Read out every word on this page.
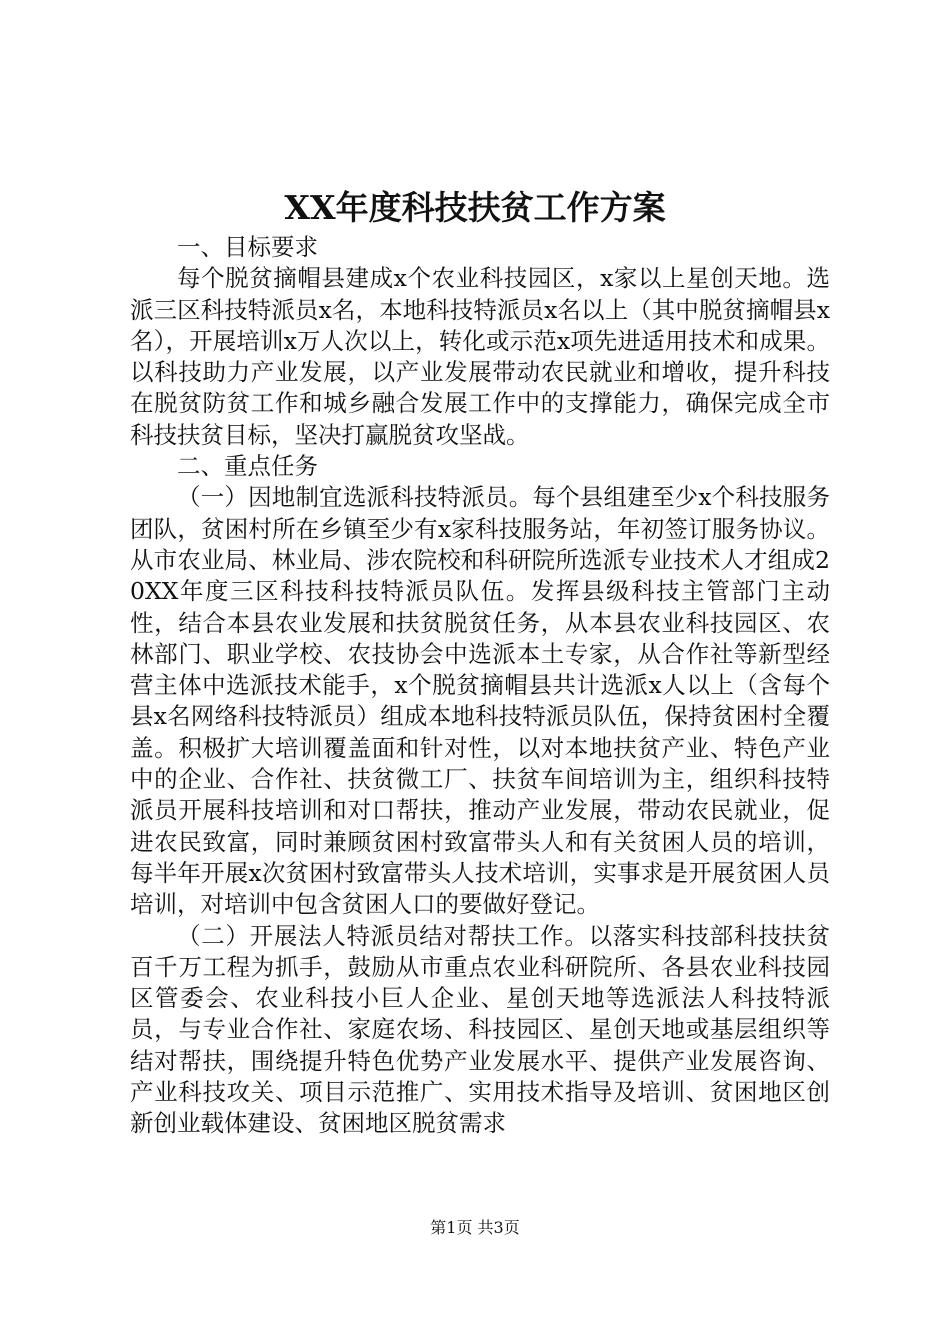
XX年度科技扶贫工作方案

一、目标要求

每个脱贫摘帽县建成x个农业科技园区，x家以上星创天地。选派三区科技特派员x名，本地科技特派员x名以上（其中脱贫摘帽县x名），开展培训x万人次以上，转化或示范x项先进适用技术和成果。以科技助力产业发展，以产业发展带动农民就业和增收，提升科技在脱贫防贫工作和城乡融合发展工作中的支撑能力，确保完成全市科技扶贫目标，坚决打赢脱贫攻坚战。

二、重点任务

（一）因地制宜选派科技特派员。每个县组建至少x个科技服务团队，贫困村所在乡镇至少有x家科技服务站，年初签订服务协议。从市农业局、林业局、涉农院校和科研院所选派专业技术人才组成20XX年度三区科技科技特派员队伍。发挥县级科技主管部门主动性，结合本县农业发展和扶贫脱贫任务，从本县农业科技园区、农林部门、职业学校、农技协会中选派本土专家，从合作社等新型经营主体中选派技术能手，x个脱贫摘帽县共计选派x人以上（含每个县x名网络科技特派员）组成本地科技特派员队伍，保持贫困村全覆盖。积极扩大培训覆盖面和针对性，以对本地扶贫产业、特色产业中的企业、合作社、扶贫微工厂、扶贫车间培训为主，组织科技特派员开展科技培训和对口帮扶，推动产业发展，带动农民就业，促进农民致富，同时兼顾贫困村致富带头人和有关贫困人员的培训，每半年开展x次贫困村致富带头人技术培训，实事求是开展贫困人员培训，对培训中包含贫困人口的要做好登记。

（二）开展法人特派员结对帮扶工作。以落实科技部科技扶贫百千万工程为抓手，鼓励从市重点农业科研院所、各县农业科技园区管委会、农业科技小巨人企业、星创天地等选派法人科技特派员，与专业合作社、家庭农场、科技园区、星创天地或基层组织等结对帮扶，围绕提升特色优势产业发展水平、提供产业发展咨询、产业科技攻关、项目示范推广、实用技术指导及培训、贫困地区创新创业载体建设、贫困地区脱贫需求

第1页 共3页
